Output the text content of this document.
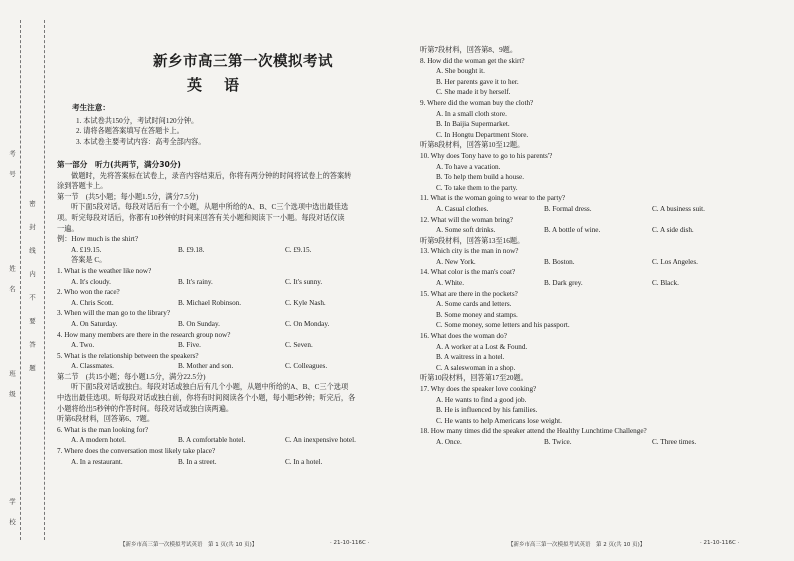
考号
姓名
班级
学校
密封线内不要答题
新乡市高三第一次模拟考试
英语
考生注意：
1. 本试卷共150分，考试时间120分钟。
2. 请将各题答案填写在答题卡上。
3. 本试卷主要考试内容：高考全部内容。
第一部分　听力(共两节，满分30分)
做题时，先将答案标在试卷上，录音内容结束后，你将有两分钟的时间将试卷上的答案转
涂到答题卡上。
第一节　(共5小题；每小题1.5分，满分7.5分)
听下面5段对话。每段对话后有一个小题，从题中所给的A、B、C三个选项中选出最佳选
项。听完每段对话后，你都有10秒钟的时间来回答有关小题和阅读下一小题。每段对话仅读
一遍。
例：How much is the shirt?
A. £19.15.	B. £9.18.	C. £9.15.
答案是 C。
1. What is the weather like now?
A. It's cloudy.	B. It's rainy.	C. It's sunny.
2. Who won the race?
A. Chris Scott.	B. Michael Robinson.	C. Kyle Nash.
3. When will the man go to the library?
A. On Saturday.	B. On Sunday.	C. On Monday.
4. How many members are there in the research group now?
A. Two.	B. Five.	C. Seven.
5. What is the relationship between the speakers?
A. Classmates.	B. Mother and son.	C. Colleagues.
第二节　(共15小题；每小题1.5分，满分22.5分)
听下面5段对话或独白。每段对话或独白后有几个小题，从题中所给的A、B、C三个选项
中选出最佳选项。听每段对话或独白前，你将有时间阅读各个小题，每小题5秒钟；听完后，各
小题将给出5秒钟的作答时间。每段对话或独白读两遍。
听第6段材料，回答第6、7题。
6. What is the man looking for?
A. A modern hotel.	B. A comfortable hotel.	C. An inexpensive hotel.
7. Where does the conversation most likely take place?
A. In a restaurant.	B. In a street.	C. In a hotel.
听第7段材料，回答第8、9题。
8. How did the woman get the skirt?
A. She bought it.
B. Her parents gave it to her.
C. She made it by herself.
9. Where did the woman buy the cloth?
A. In a small cloth store.
B. In Baijia Supermarket.
C. In Hongtu Department Store.
听第8段材料，回答第10至12题。
10. Why does Tony have to go to his parents'?
A. To have a vacation.
B. To help them build a house.
C. To take them to the party.
11. What is the woman going to wear to the party?
A. Casual clothes.	B. Formal dress.	C. A business suit.
12. What will the woman bring?
A. Some soft drinks.	B. A bottle of wine.	C. A side dish.
听第9段材料，回答第13至16题。
13. Which city is the man in now?
A. New York.	B. Boston.	C. Los Angeles.
14. What color is the man's coat?
A. White.	B. Dark grey.	C. Black.
15. What are there in the pockets?
A. Some cards and letters.
B. Some money and stamps.
C. Some money, some letters and his passport.
16. What does the woman do?
A. A worker at a Lost & Found.
B. A waitress in a hotel.
C. A saleswoman in a shop.
听第10段材料，回答第17至20题。
17. Why does the speaker love cooking?
A. He wants to find a good job.
B. He is influenced by his families.
C. He wants to help Americans lose weight.
18. How many times did the speaker attend the Healthy Lunchtime Challenge?
A. Once.	B. Twice.	C. Three times.
【新乡市高三第一次模拟考试英语　第 1 页(共 10 页)】	· 21-10-116C ·	【新乡市高三第一次模拟考试英语　第 2 页(共 10 页)】	· 21-10-116C ·
